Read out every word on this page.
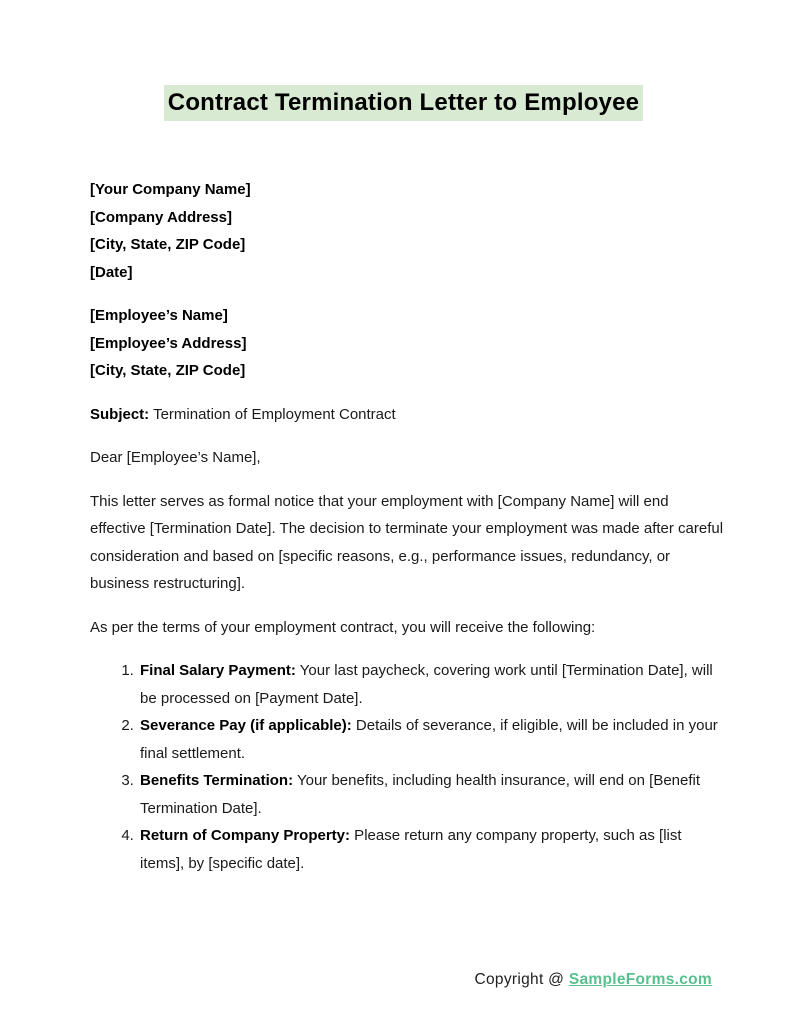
Contract Termination Letter to Employee
[Your Company Name]
[Company Address]
[City, State, ZIP Code]
[Date]
[Employee’s Name]
[Employee’s Address]
[City, State, ZIP Code]
Subject: Termination of Employment Contract
Dear [Employee’s Name],
This letter serves as formal notice that your employment with [Company Name] will end effective [Termination Date]. The decision to terminate your employment was made after careful consideration and based on [specific reasons, e.g., performance issues, redundancy, or business restructuring].
As per the terms of your employment contract, you will receive the following:
1. Final Salary Payment: Your last paycheck, covering work until [Termination Date], will be processed on [Payment Date].
2. Severance Pay (if applicable): Details of severance, if eligible, will be included in your final settlement.
3. Benefits Termination: Your benefits, including health insurance, will end on [Benefit Termination Date].
4. Return of Company Property: Please return any company property, such as [list items], by [specific date].
Copyright @ SampleForms.com
